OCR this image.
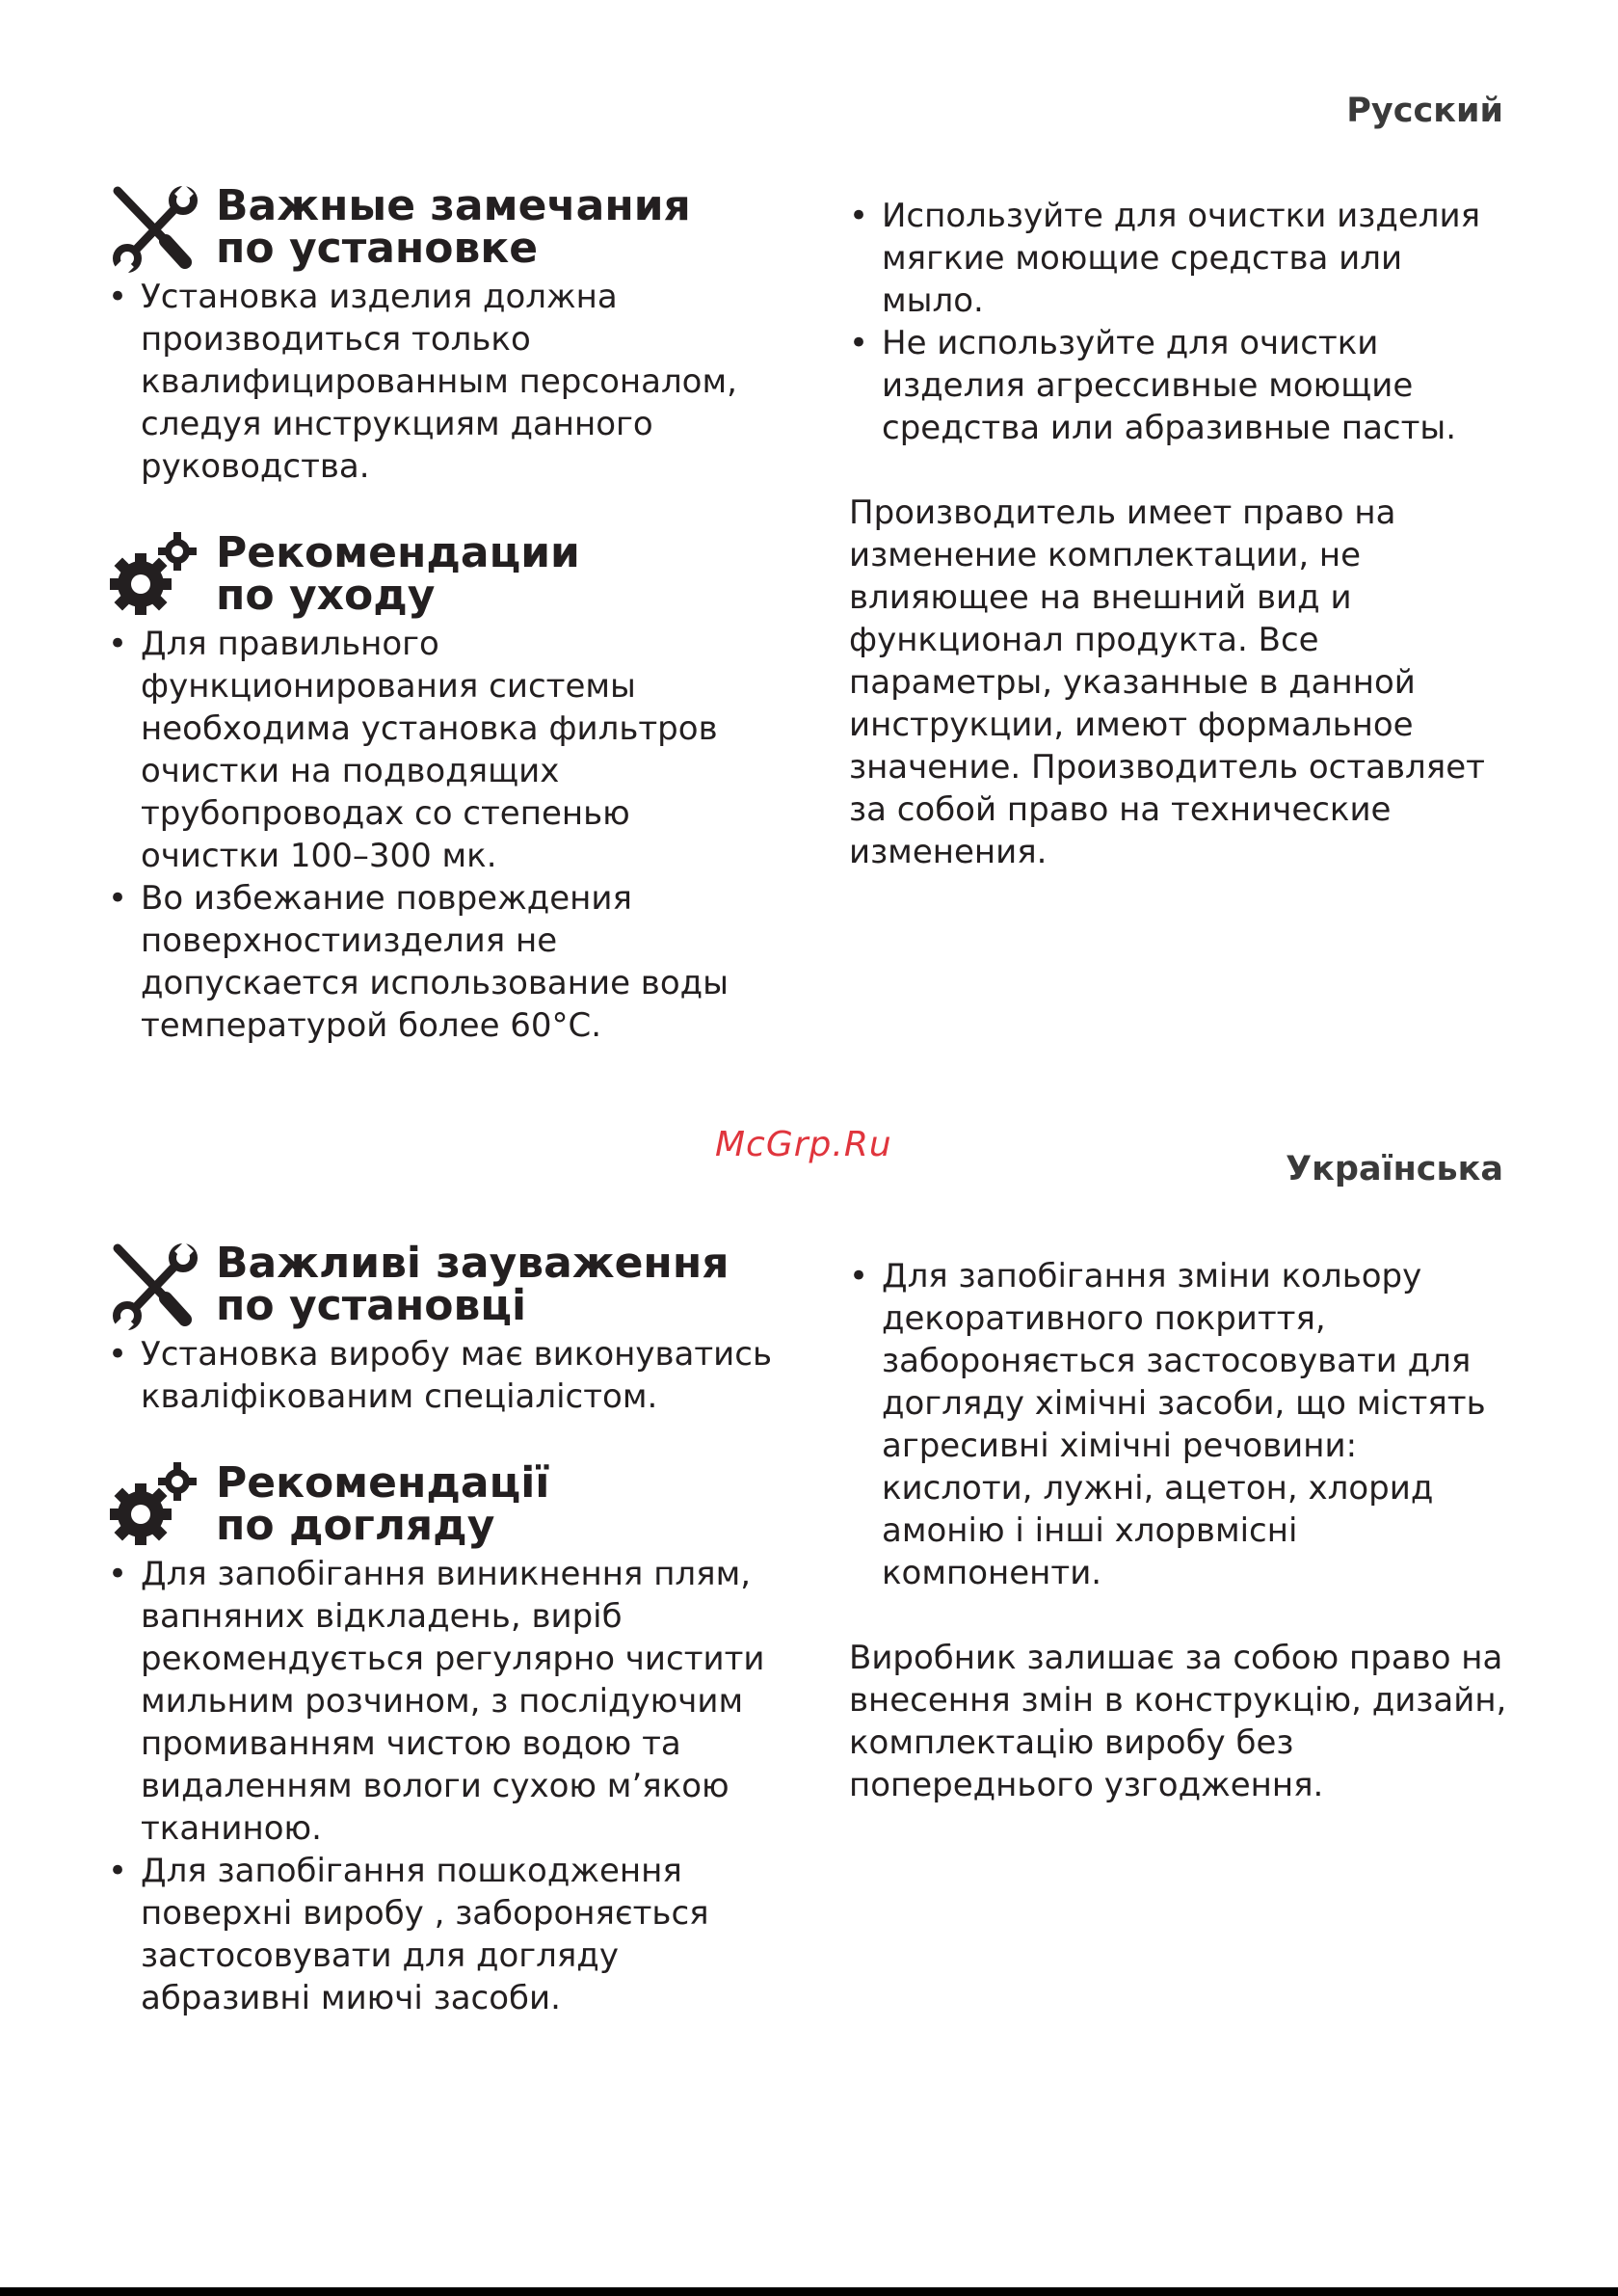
Русский
Важные замечания
по установке
• Установка изделия должна производиться только квалифицированным персоналом, следуя инструкциям данного руководства.
Рекомендации
по уходу
• Для правильного функционирования системы необходима установка фильтров очистки на подводящих трубопроводах со степенью очистки 100–300 мк.
• Во избежание повреждения поверхностиизделия не допускается использование воды температурой более 60°С.
• Используйте для очистки изделия мягкие моющие средства или мыло.
• Не используйте для очистки изделия агрессивные моющие средства или абразивные пасты.

Производитель имеет право на изменение комплектации, не влияющее на внешний вид и функционал продукта. Все параметры, указанные в данной инструкции, имеют формальное значение. Производитель оставляет за собой право на технические изменения.

McGrp.Ru
Українська
Важливі зауваження
по установці
• Установка виробу має виконуватись кваліфікованим спеціалістом.
Рекомендації
по догляду
• Для запобігання виникнення плям, вапняних відкладень, виріб рекомендується регулярно чистити мильним розчином, з послідуючим промиванням чистою водою та видаленням вологи сухою м’якою тканиною.
• Для запобігання пошкодження поверхні виробу , забороняється застосовувати для догляду абразивні миючі засоби.
• Для запобігання зміни кольору декоративного покриття, забороняється застосовувати для догляду хімічні засоби, що містять агресивні хімічні речовини: кислоти, лужні, ацетон, хлорид амонію і інші хлорвмісні компоненти.

Виробник залишає за собою право на внесення змін в конструкцію, дизайн, комплектацію виробу без попереднього узгодження.
